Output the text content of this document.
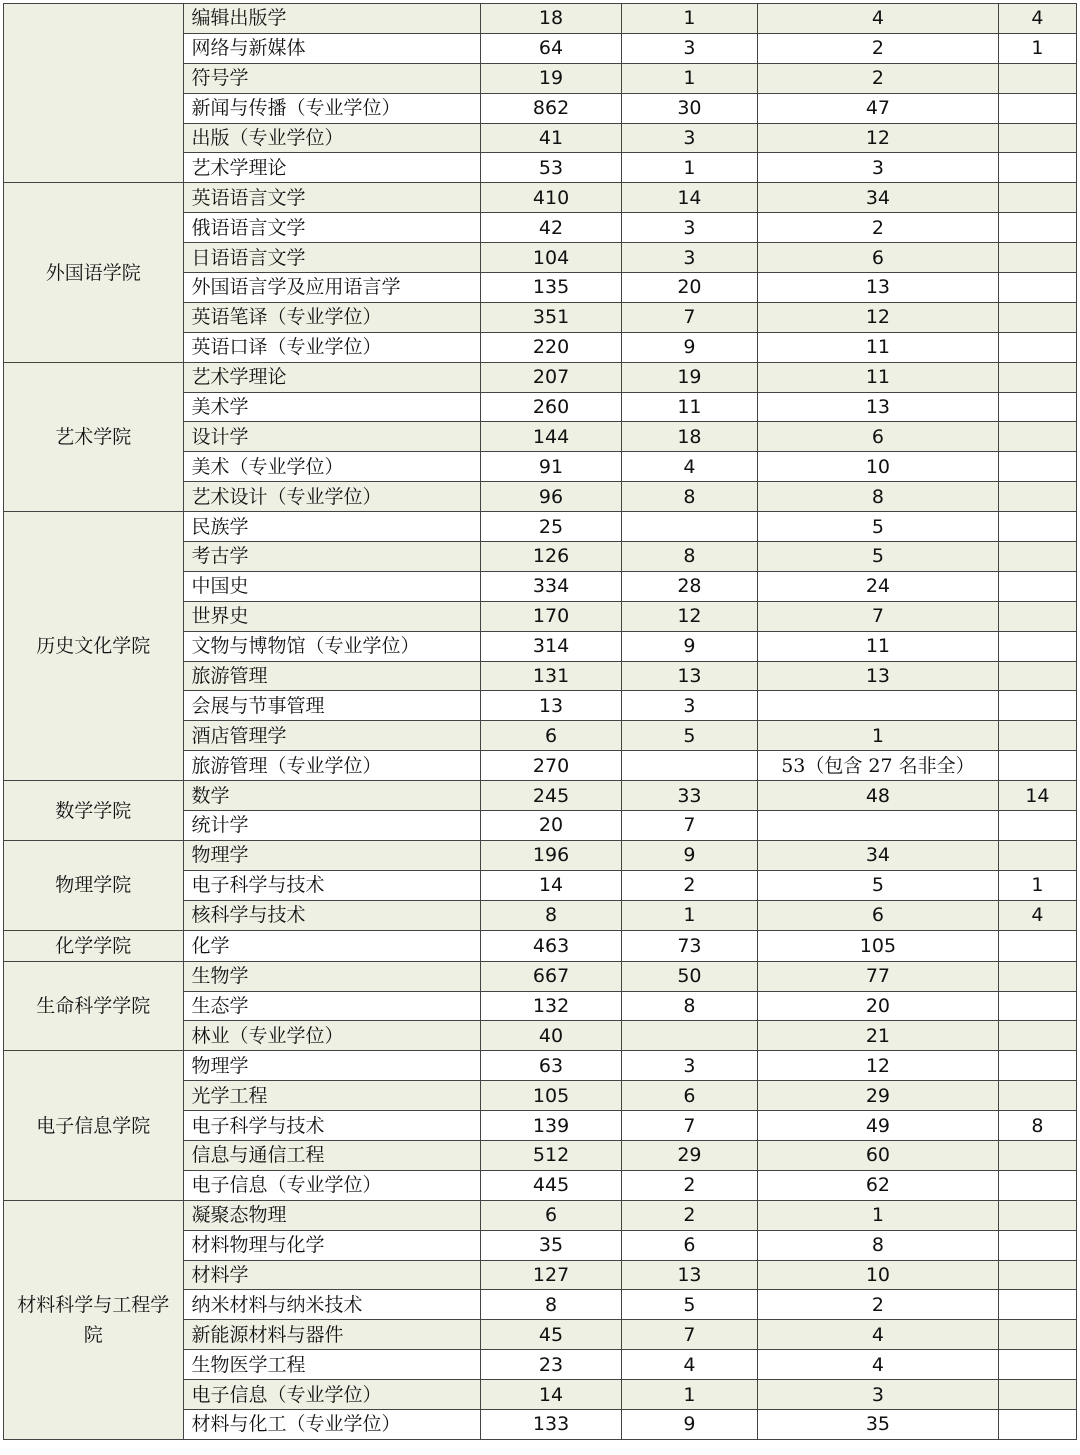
	编辑出版学	18	1	4	4
	网络与新媒体	64	3	2	1
	符号学	19	1	2	
	新闻与传播（专业学位）	862	30	47	
	出版（专业学位）	41	3	12	
	艺术学理论	53	1	3	
外国语学院	英语语言文学	410	14	34	
	俄语语言文学	42	3	2	
	日语语言文学	104	3	6	
	外国语言学及应用语言学	135	20	13	
	英语笔译（专业学位）	351	7	12	
	英语口译（专业学位）	220	9	11	
艺术学院	艺术学理论	207	19	11	
	美术学	260	11	13	
	设计学	144	18	6	
	美术（专业学位）	91	4	10	
	艺术设计（专业学位）	96	8	8	
历史文化学院	民族学	25		5	
	考古学	126	8	5	
	中国史	334	28	24	
	世界史	170	12	7	
	文物与博物馆（专业学位）	314	9	11	
	旅游管理	131	13	13	
	会展与节事管理	13	3		
	酒店管理学	6	5	1	
	旅游管理（专业学位）	270		53（包含 27 名非全）	
数学学院	数学	245	33	48	14
	统计学	20	7		
物理学院	物理学	196	9	34	
	电子科学与技术	14	2	5	1
	核科学与技术	8	1	6	4
化学学院	化学	463	73	105	
生命科学学院	生物学	667	50	77	
	生态学	132	8	20	
	林业（专业学位）	40		21	
电子信息学院	物理学	63	3	12	
	光学工程	105	6	29	
	电子科学与技术	139	7	49	8
	信息与通信工程	512	29	60	
	电子信息（专业学位）	445	2	62	
材料科学与工程学院	凝聚态物理	6	2	1	
	材料物理与化学	35	6	8	
	材料学	127	13	10	
	纳米材料与纳米技术	8	5	2	
	新能源材料与器件	45	7	4	
	生物医学工程	23	4	4	
	电子信息（专业学位）	14	1	3	
	材料与化工（专业学位）	133	9	35	
